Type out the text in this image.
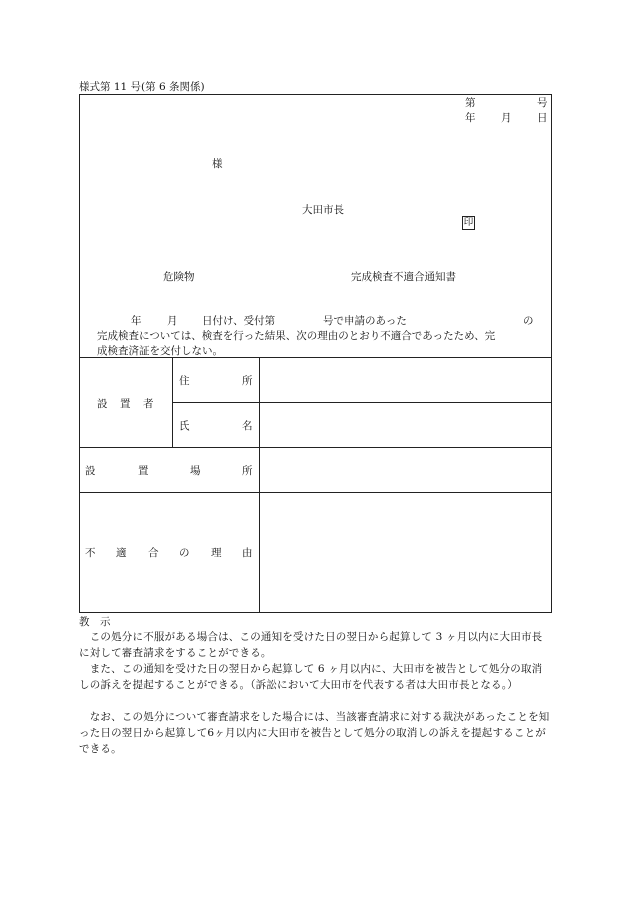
様式第 11 号(第 6 条関係)
第	号
年 月 日
様
大田市長
印
危険物	完成検査不適合通知書
年 月 日付け、受付第	号で申請のあった	の
完成検査については、検査を行った結果、次の理由のとおり不適合であったため、完
成検査済証を交付しない。
設 置 者
住	所
氏	名
設	置	場	所
不 適 合 の 理 由
教　示
　この処分に不服がある場合は、この通知を受けた日の翌日から起算して 3 ヶ月以内に大田市長に対して審査請求をすることができる。
　また、この通知を受けた日の翌日から起算して 6 ヶ月以内に、大田市を被告として処分の取消しの訴えを提起することができる。（訴訟において大田市を代表する者は大田市長となる。）
　なお、この処分について審査請求をした場合には、当該審査請求に対する裁決があったことを知った日の翌日から起算して6ヶ月以内に大田市を被告として処分の取消しの訴えを提起することができる。
